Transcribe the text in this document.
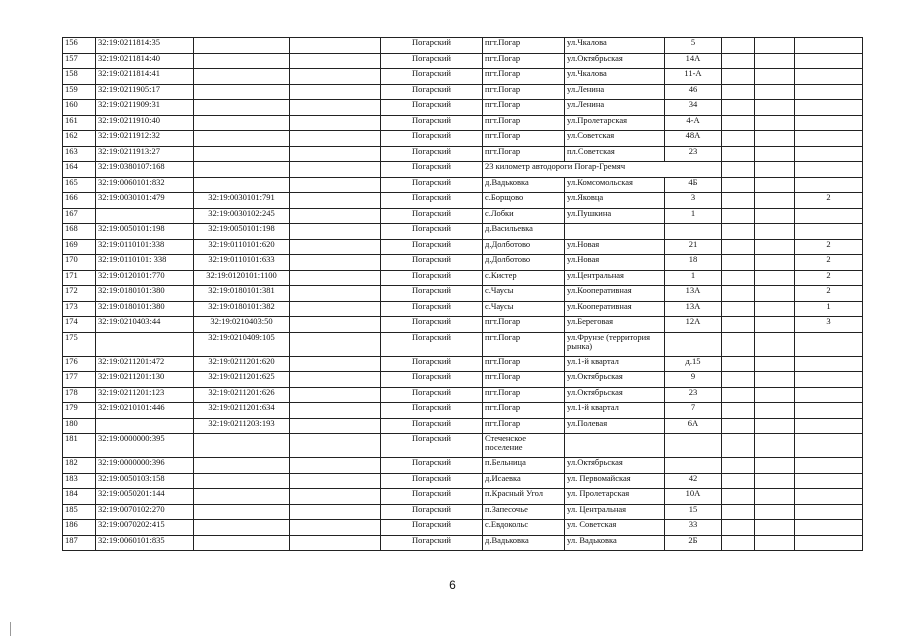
156	32:19:0211814:35			Погарский	пгт.Погар	ул.Чкалова	5			
157	32:19:0211814:40			Погарский	пгт.Погар	ул.Октябрьская	14А			
158	32:19:0211814:41			Погарский	пгт.Погар	ул.Чкалова	11-А			
159	32:19:0211905:17			Погарский	пгт.Погар	ул.Ленина	46			
160	32:19:0211909:31			Погарский	пгт.Погар	ул.Ленина	34			
161	32:19:0211910:40			Погарский	пгт.Погар	ул.Пролетарская	4-А			
162	32:19:0211912:32			Погарский	пгт.Погар	ул.Советская	48А			
163	32:19:0211913:27			Погарский	пгт.Погар	пл.Советская	23			
164	32:19:0380107:168			Погарский	23 километр автодороги Погар-Гремяч					
165	32:19:0060101:832			Погарский	д.Вадьковка	ул.Комсомольская	4Б			
166	32:19:0030101:479	32:19:0030101:791		Погарский	с.Борщово	ул.Яковца	3			2
167		32:19:0030102:245		Погарский	с.Лобки	ул.Пушкина	1			
168	32:19:0050101:198	32:19:0050101:198		Погарский	д.Васильевка					
169	32:19:0110101:338	32:19:0110101:620		Погарский	д.Долботово	ул.Новая	21			2
170	32:19:0110101: 338	32:19:0110101:633		Погарский	д.Долботово	ул.Новая	18			2
171	32:19:0120101:770	32:19:0120101:1100		Погарский	с.Кистер	ул.Центральная	1			2
172	32:19:0180101:380	32:19:0180101:381		Погарский	с.Чаусы	ул.Кооперативная	13А			2
173	32:19:0180101:380	32:19:0180101:382		Погарский	с.Чаусы	ул.Кооперативная	13А			1
174	32:19:0210403:44	32:19:0210403:50		Погарский	пгт.Погар	ул.Береговая	12А			3
175		32:19:0210409:105		Погарский	пгт.Погар	ул.Фрунзе (территория рынка)				
176	32:19:0211201:472	32:19:0211201:620		Погарский	пгт.Погар	ул.1-й квартал	д.15			
177	32:19:0211201:130	32:19:0211201:625		Погарский	пгт.Погар	ул.Октябрьская	9			
178	32:19:0211201:123	32:19:0211201:626		Погарский	пгт.Погар	ул.Октябрьская	23			
179	32:19:0210101:446	32:19:0211201:634		Погарский	пгт.Погар	ул.1-й квартал	7			
180		32:19:0211203:193		Погарский	пгт.Погар	ул.Полевая	6А			
181	32:19:0000000:395			Погарский	Стеченское поселение					
182	32:19:0000000:396			Погарский	п.Бельница	ул.Октябрьская				
183	32:19:0050103:158			Погарский	д.Исаевка	ул. Первомайская	42			
184	32:19:0050201:144			Погарский	п.Красный Угол	ул. Пролетарская	10А			
185	32:19:0070102:270			Погарский	п.Запесочье	ул. Центральная	15			
186	32:19:0070202:415			Погарский	с.Евдокольс	ул. Советская	33			
187	32:19:0060101:835			Погарский	д.Вадьковка	ул. Вадьковка	2Б			
6
